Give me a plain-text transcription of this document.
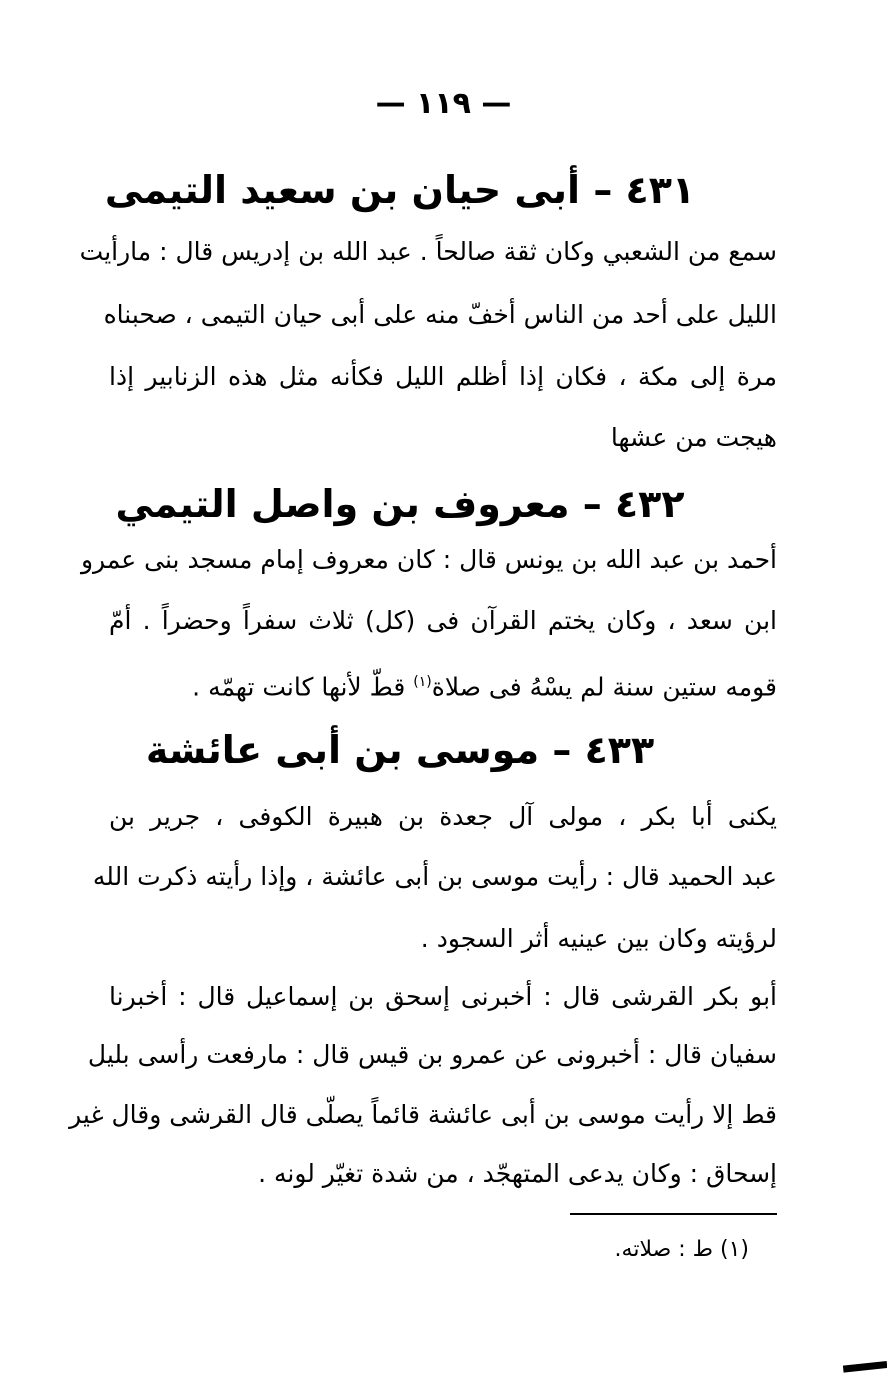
— ١١٩ —
٤٣١ – أبى حيان بن سعيد التيمى
سمع من الشعبي وكان ثقة صالحاً . عبد الله بن إدريس قال : مارأيت
الليل على أحد من الناس أخفّ منه على أبى حيان التيمى ، صحبناه
مرة إلى مكة ، فكان إذا أظلم الليل فكأنه مثل هذه الزنابير إذا
هيجت من عشها
٤٣٢ – معروف بن واصل التيمي
أحمد بن عبد الله بن يونس قال : كان معروف إمام مسجد بنى عمرو
ابن سعد ، وكان يختم القرآن فى (كل) ثلاث سفراً وحضراً . أمّ
قومه ستين سنة لم يسْهُ فى صلاة$^{(١)}$ قطّ لأنها كانت تهمّه .
٤٣٣ – موسى بن أبى عائشة
يكنى أبا بكر ، مولى آل جعدة بن هبيرة الكوفى ، جرير بن
عبد الحميد قال : رأيت موسى بن أبى عائشة ، وإذا رأيته ذكرت الله
لرؤيته وكان بين عينيه أثر السجود .
أبو بكر القرشى قال : أخبرنى إسحق بن إسماعيل قال : أخبرنا
سفيان قال : أخبرونى عن عمرو بن قيس قال : مارفعت رأسى بليل
قط إلا رأيت موسى بن أبى عائشة قائماً يصلّى قال القرشى وقال غير
إسحاق : وكان يدعى المتهجّد ، من شدة تغيّر لونه .
(١) ط : صلاته.
